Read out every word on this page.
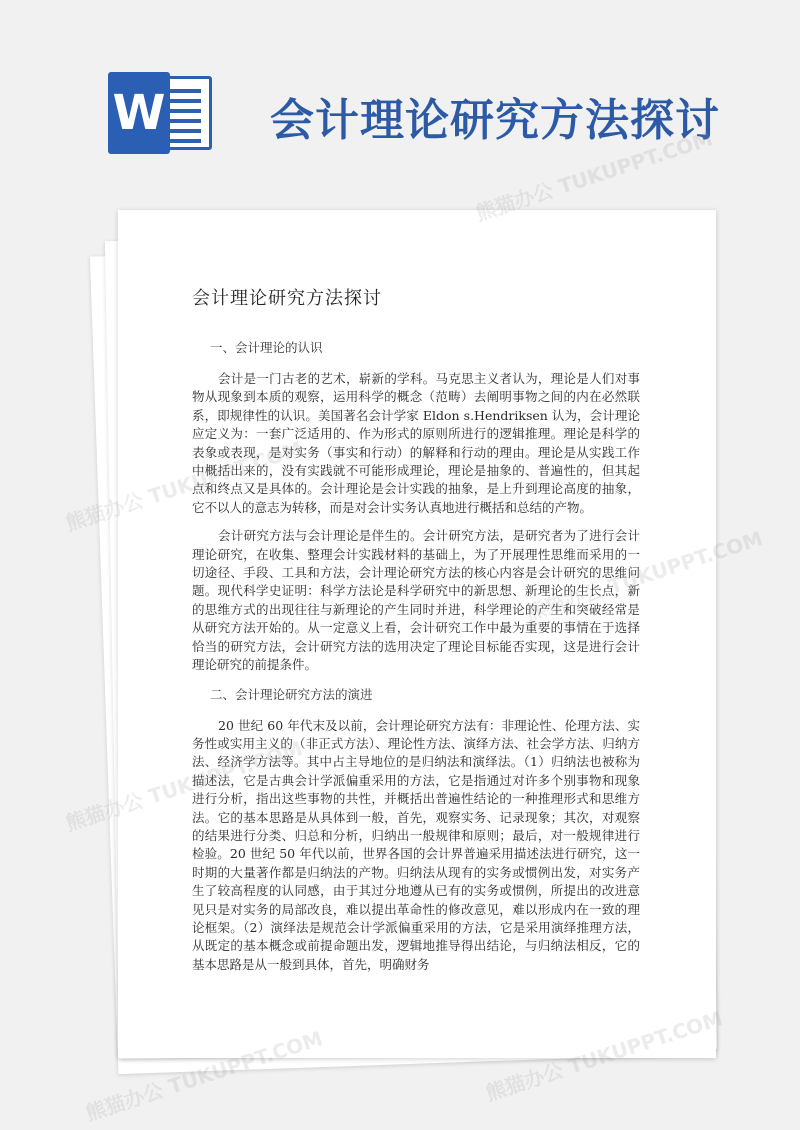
W 会计理论研究方法探讨
会计理论研究方法探讨
一、会计理论的认识

会计是一门古老的艺术，崭新的学科。马克思主义者认为，理论是人们对事物从现象到本质的观察，运用科学的概念（范畴）去阐明事物之间的内在必然联系，即规律性的认识。美国著名会计学家 Eldon s.Hendriksen 认为，会计理论应定义为：一套广泛适用的、作为形式的原则所进行的逻辑推理。理论是科学的表象或表现，是对实务（事实和行动）的解释和行动的理由。理论是从实践工作中概括出来的，没有实践就不可能形成理论，理论是抽象的、普遍性的，但其起点和终点又是具体的。会计理论是会计实践的抽象，是上升到理论高度的抽象，它不以人的意志为转移，而是对会计实务认真地进行概括和总结的产物。

会计研究方法与会计理论是伴生的。会计研究方法，是研究者为了进行会计理论研究，在收集、整理会计实践材料的基础上，为了开展理性思维而采用的一切途径、手段、工具和方法，会计理论研究方法的核心内容是会计研究的思维问题。现代科学史证明：科学方法论是科学研究中的新思想、新理论的生长点，新的思维方式的出现往往与新理论的产生同时并进，科学理论的产生和突破经常是从研究方法开始的。从一定意义上看，会计研究工作中最为重要的事情在于选择恰当的研究方法，会计研究方法的选用决定了理论目标能否实现，这是进行会计理论研究的前提条件。

二、会计理论研究方法的演进

20 世纪 60 年代末及以前，会计理论研究方法有：非理论性、伦理方法、实务性或实用主义的（非正式方法）、理论性方法、演绎方法、社会学方法、归纳方法、经济学方法等。其中占主导地位的是归纳法和演绎法。（1）归纳法也被称为描述法，它是古典会计学派偏重采用的方法，它是指通过对许多个别事物和现象进行分析，指出这些事物的共性，并概括出普遍性结论的一种推理形式和思维方法。它的基本思路是从具体到一般，首先，观察实务、记录现象；其次，对观察的结果进行分类、归总和分析，归纳出一般规律和原则；最后，对一般规律进行检验。20 世纪 50 年代以前，世界各国的会计界普遍采用描述法进行研究，这一时期的大量著作都是归纳法的产物。归纳法从现有的实务或惯例出发，对实务产生了较高程度的认同感，由于其过分地遵从已有的实务或惯例，所提出的改进意见只是对实务的局部改良，难以提出革命性的修改意见，难以形成内在一致的理论框架。（2）演绎法是规范会计学派偏重采用的方法，它是采用演绎推理方法，从既定的基本概念或前提命题出发，逻辑地推导得出结论，与归纳法相反，它的基本思路是从一般到具体，首先，明确财务

熊猫办公 TUKUPPT.COM
熊猫办公
熊猫办公 TUKUPPT.COM	熊猫办公
